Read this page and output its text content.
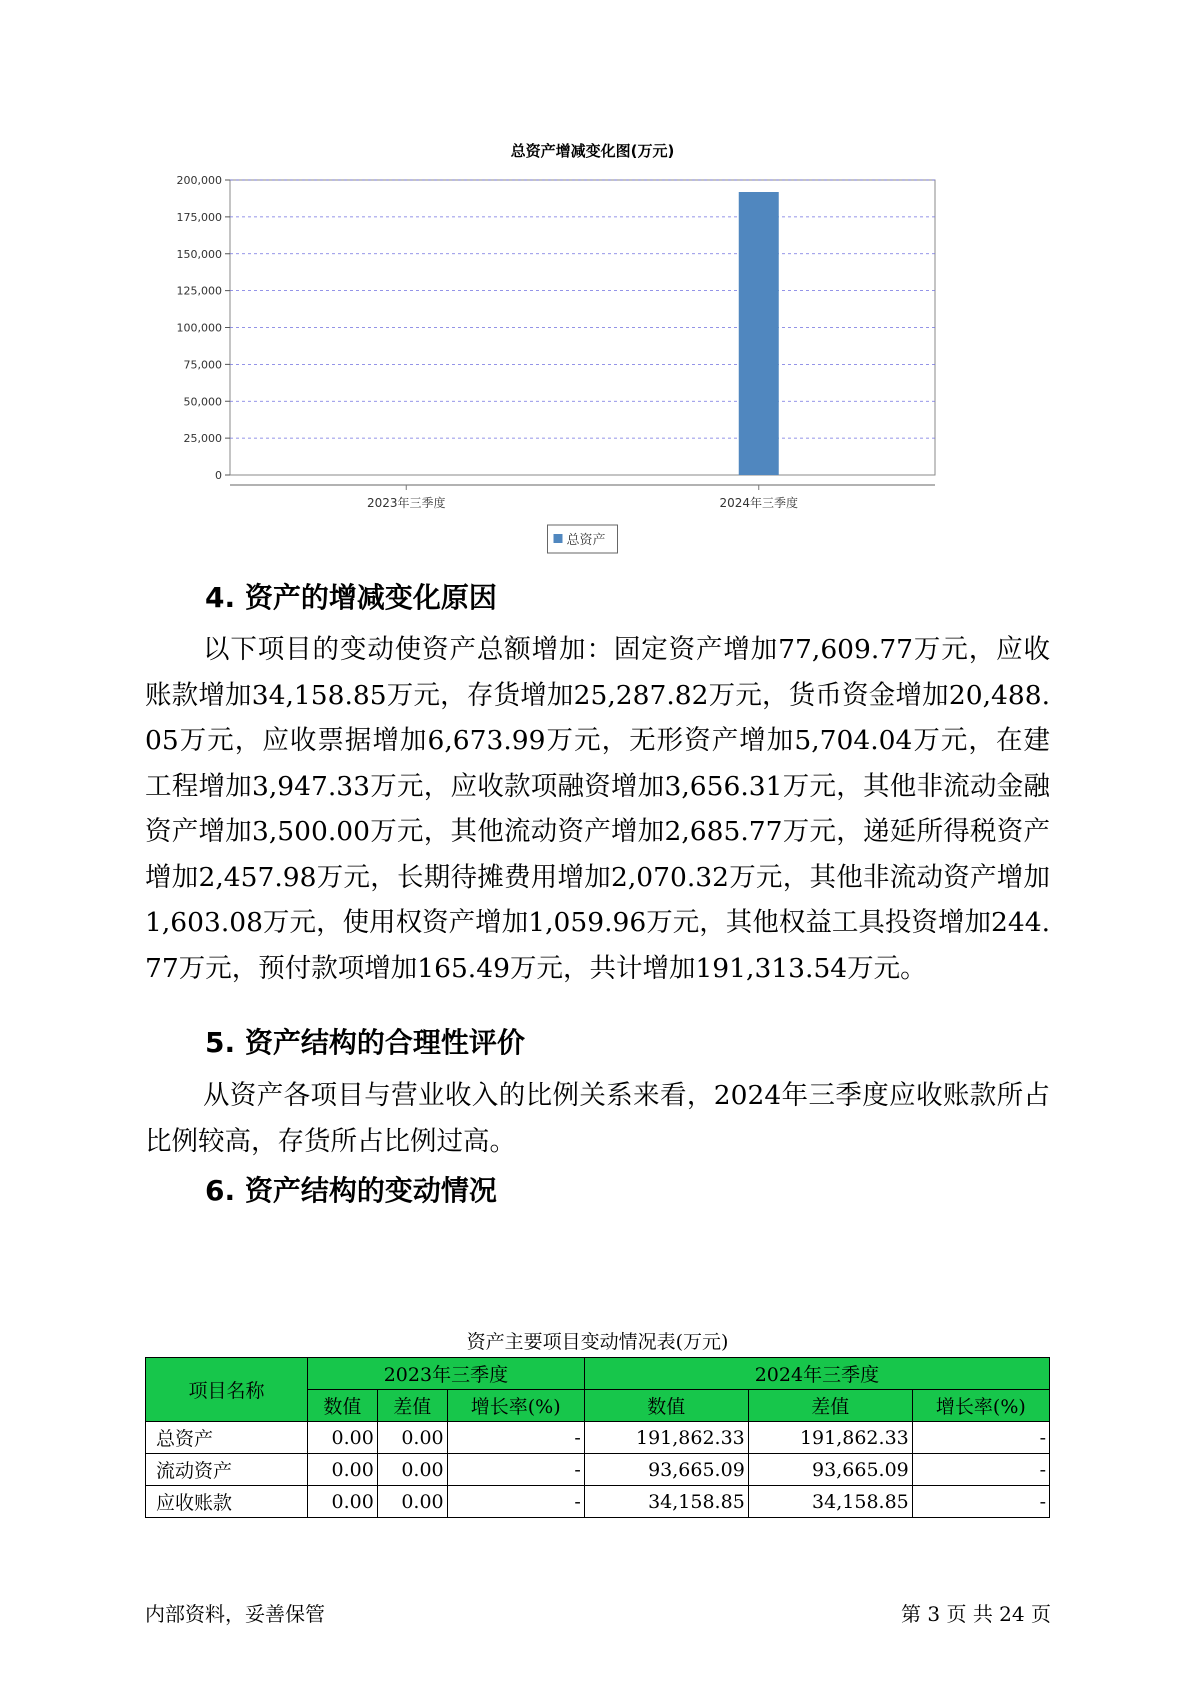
总资产增减变化图(万元)
0
25,000
50,000
75,000
100,000
125,000
150,000
175,000
200,000
2023年三季度	2024年三季度
总资产
4. 资产的增减变化原因

以下项目的变动使资产总额增加：固定资产增加77,609.77万元，应收账款增加34,158.85万元，存货增加25,287.82万元，货币资金增加20,488.05万元，应收票据增加6,673.99万元，无形资产增加5,704.04万元，在建工程增加3,947.33万元，应收款项融资增加3,656.31万元，其他非流动金融资产增加3,500.00万元，其他流动资产增加2,685.77万元，递延所得税资产增加2,457.98万元，长期待摊费用增加2,070.32万元，其他非流动资产增加1,603.08万元，使用权资产增加1,059.96万元，其他权益工具投资增加244.77万元，预付款项增加165.49万元，共计增加191,313.54万元。

5. 资产结构的合理性评价

从资产各项目与营业收入的比例关系来看，2024年三季度应收账款所占比例较高，存货所占比例过高。

6. 资产结构的变动情况
资产主要项目变动情况表(万元)
项目名称	2023年三季度			2024年三季度		
	数值	差值	增长率(%)	数值	差值	增长率(%)
总资产	0.00	0.00	-	191,862.33	191,862.33	-
流动资产	0.00	0.00	-	93,665.09	93,665.09	-
应收账款	0.00	0.00	-	34,158.85	34,158.85	-
内部资料，妥善保管	第 3 页 共 24 页
